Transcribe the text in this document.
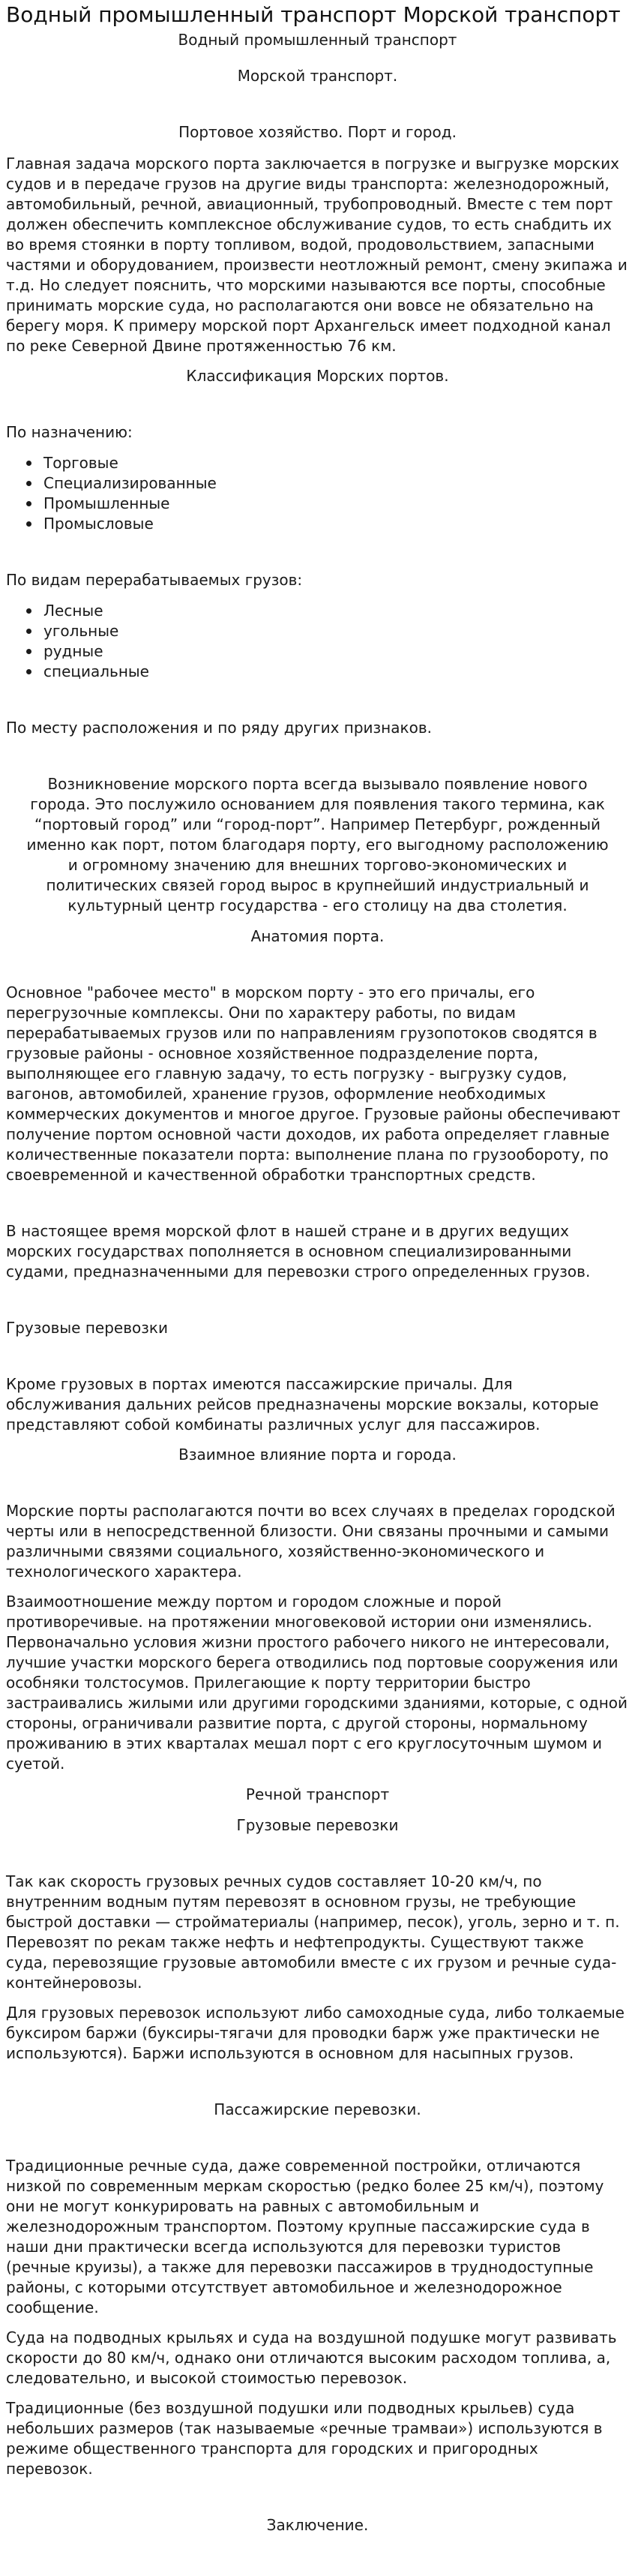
Водный промышленный транспорт Морской транспорт

Водный промышленный транспорт

Морской транспорт.

Портовое хозяйство. Порт и город.

Главная задача морского порта заключается в погрузке и выгрузке морских судов и в передаче грузов на другие виды транспорта: железнодорожный, автомобильный, речной, авиационный, трубопроводный. Вместе с тем порт должен обеспечить комплексное обслуживание судов, то есть снабдить их во время стоянки в порту топливом, водой, продовольствием, запасными частями и оборудованием, произвести неотложный ремонт, смену экипажа и т.д. Но следует пояснить, что морскими называются все порты, способные принимать морские суда, но располагаются они вовсе не обязательно на берегу моря. К примеру морской порт Архангельск имеет подходной канал по реке Северной Двине протяженностью 76 км.

Классификация Морских портов.

По назначению:

Торговые
Специализированные
Промышленные
Промысловые

По видам перерабатываемых грузов:

Лесные
угольные
рудные
специальные

По месту расположения и по ряду других признаков.

Возникновение морского порта всегда вызывало появление нового города. Это послужило основанием для появления такого термина, как “портовый город” или “город-порт”. Например Петербург, рожденный именно как порт, потом благодаря порту, его выгодному расположению и огромному значению для внешних торгово-экономических и политических связей город вырос в крупнейший индустриальный и культурный центр государства - его столицу на два столетия.

Анатомия порта.

Основное "рабочее место" в морском порту - это его причалы, его перегрузочные комплексы. Они по характеру работы, по видам перерабатываемых грузов или по направлениям грузопотоков сводятся в грузовые районы - основное хозяйственное подразделение порта, выполняющее его главную задачу, то есть погрузку - выгрузку судов, вагонов, автомобилей, хранение грузов, оформление необходимых коммерческих документов и многое другое. Грузовые районы обеспечивают получение портом основной части доходов, их работа определяет главные количественные показатели порта: выполнение плана по грузообороту, по своевременной и качественной обработки транспортных средств.

В настоящее время морской флот в нашей стране и в других ведущих морских государствах пополняется в основном специализированными судами, предназначенными для перевозки строго определенных грузов.

Грузовые перевозки

Кроме грузовых в портах имеются пассажирские причалы. Для обслуживания дальних рейсов предназначены морские вокзалы, которые представляют собой комбинаты различных услуг для пассажиров.

Взаимное влияние порта и города.

Морские порты располагаются почти во всех случаях в пределах городской черты или в непосредственной близости. Они связаны прочными и самыми различными связями социального, хозяйственно-экономического и технологического характера.

Взаимоотношение между портом и городом сложные и порой противоречивые. на протяжении многовековой истории они изменялись. Первоначально условия жизни простого рабочего никого не интересовали, лучшие участки морского берега отводились под портовые сооружения или особняки толстосумов. Прилегающие к порту территории быстро застраивались жилыми или другими городскими зданиями, которые, с одной стороны, ограничивали развитие порта, с другой стороны, нормальному проживанию в этих кварталах мешал порт с его круглосуточным шумом и суетой.

Речной транспорт

Грузовые перевозки

Так как скорость грузовых речных судов составляет 10-20 км/ч, по внутренним водным путям перевозят в основном грузы, не требующие быстрой доставки — стройматериалы (например, песок), уголь, зерно и т. п. Перевозят по рекам также нефть и нефтепродукты. Существуют также суда, перевозящие грузовые автомобили вместе с их грузом и речные суда-контейнеровозы.

Для грузовых перевозок используют либо самоходные суда, либо толкаемые буксиром баржи (буксиры-тягачи для проводки барж уже практически не используются). Баржи используются в основном для насыпных грузов.

Пассажирские перевозки.

Традиционные речные суда, даже современной постройки, отличаются низкой по современным меркам скоростью (редко более 25 км/ч), поэтому они не могут конкурировать на равных с автомобильным и железнодорожным транспортом. Поэтому крупные пассажирские суда в наши дни практически всегда используются для перевозки туристов (речные круизы), а также для перевозки пассажиров в труднодоступные районы, с которыми отсутствует автомобильное и железнодорожное сообщение.

Суда на подводных крыльях и суда на воздушной подушке могут развивать скорости до 80 км/ч, однако они отличаются высоким расходом топлива, а, следовательно, и высокой стоимостью перевозок.

Традиционные (без воздушной подушки или подводных крыльев) суда небольших размеров (так называемые «речные трамваи») используются в режиме общественного транспорта для городских и пригородных перевозок.

Заключение.
